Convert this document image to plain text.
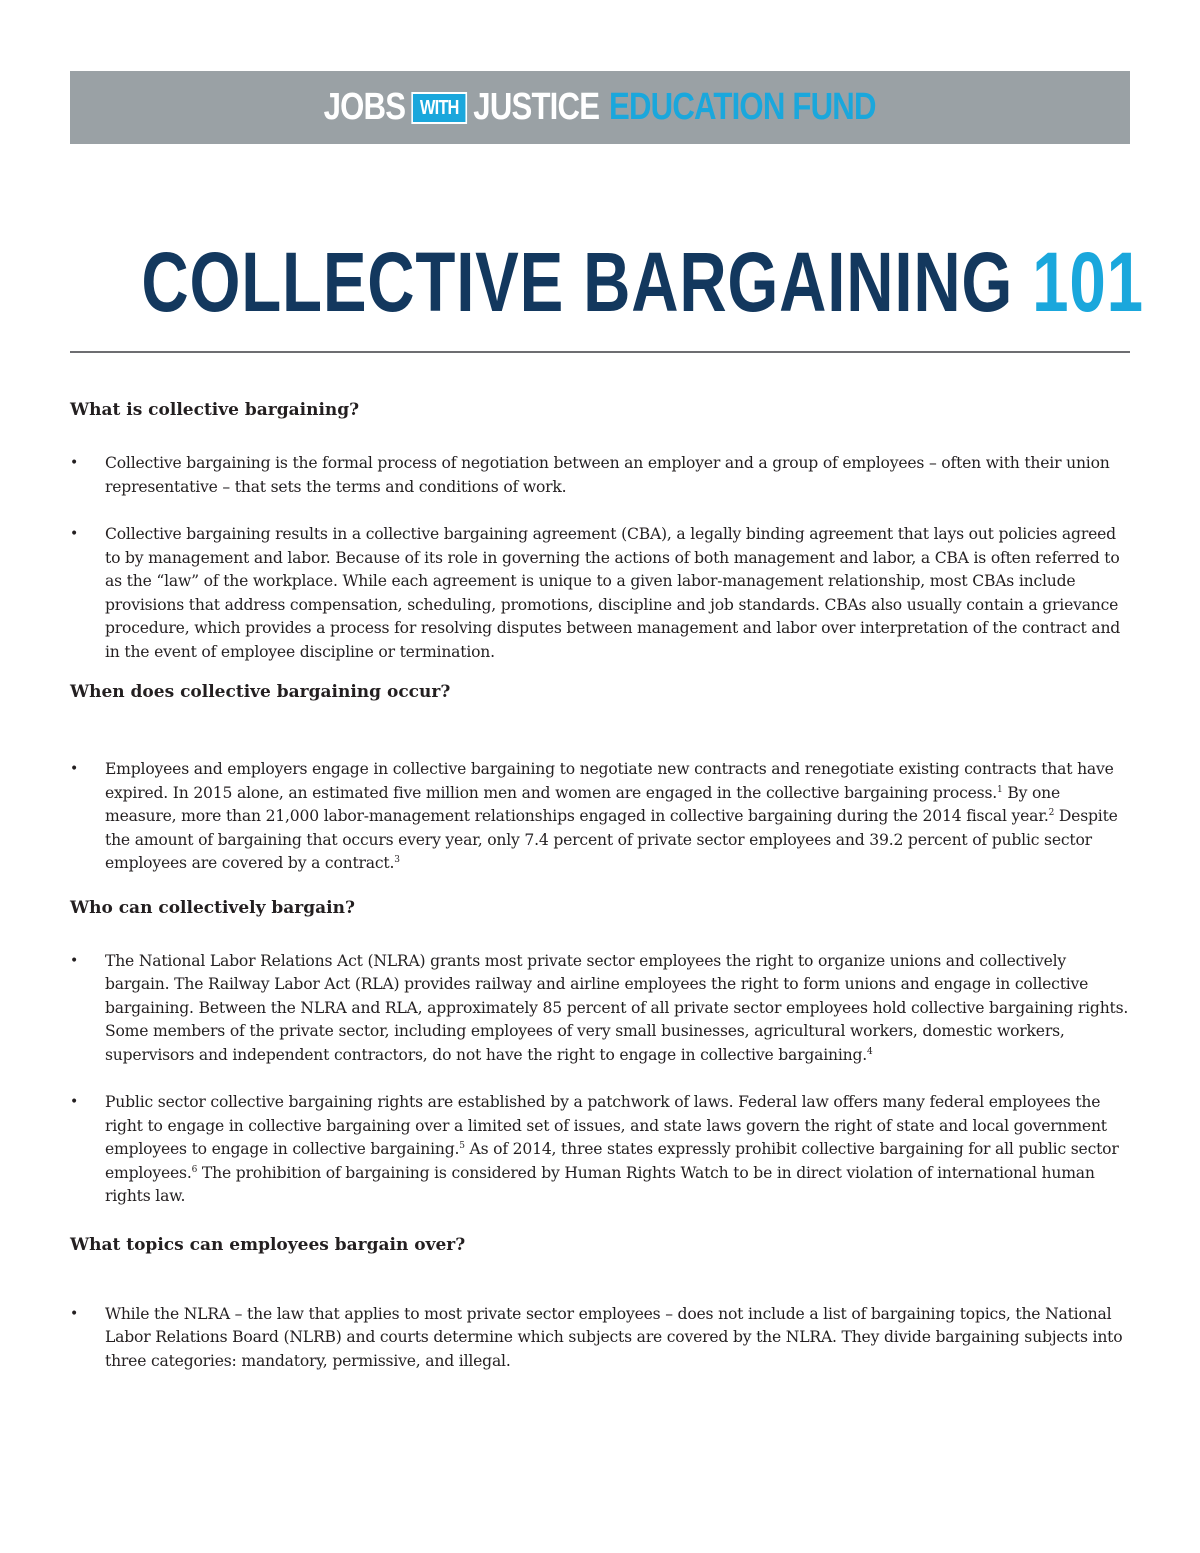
JOBS WITH JUSTICE EDUCATION FUND
COLLECTIVE BARGAINING 101
What is collective bargaining?
• Collective bargaining is the formal process of negotiation between an employer and a group of employees – often with their union representative – that sets the terms and conditions of work.
• Collective bargaining results in a collective bargaining agreement (CBA), a legally binding agreement that lays out policies agreed to by management and labor. Because of its role in governing the actions of both management and labor, a CBA is often referred to as the “law” of the workplace. While each agreement is unique to a given labor-management relationship, most CBAs include provisions that address compensation, scheduling, promotions, discipline and job standards. CBAs also usually contain a grievance procedure, which provides a process for resolving disputes between management and labor over interpretation of the contract and in the event of employee discipline or termination.
When does collective bargaining occur?
• Employees and employers engage in collective bargaining to negotiate new contracts and renegotiate existing contracts that have expired. In 2015 alone, an estimated five million men and women are engaged in the collective bargaining process.$^1$ By one measure, more than 21,000 labor-management relationships engaged in collective bargaining during the 2014 fiscal year.$^2$ Despite the amount of bargaining that occurs every year, only 7.4 percent of private sector employees and 39.2 percent of public sector employees are covered by a contract.$^3$
Who can collectively bargain?
• The National Labor Relations Act (NLRA) grants most private sector employees the right to organize unions and collectively bargain. The Railway Labor Act (RLA) provides railway and airline employees the right to form unions and engage in collective bargaining. Between the NLRA and RLA, approximately 85 percent of all private sector employees hold collective bargaining rights. Some members of the private sector, including employees of very small businesses, agricultural workers, domestic workers, supervisors and independent contractors, do not have the right to engage in collective bargaining.$^4$
• Public sector collective bargaining rights are established by a patchwork of laws. Federal law offers many federal employees the right to engage in collective bargaining over a limited set of issues, and state laws govern the right of state and local government employees to engage in collective bargaining.$^5$ As of 2014, three states expressly prohibit collective bargaining for all public sector employees.$^6$ The prohibition of bargaining is considered by Human Rights Watch to be in direct violation of international human rights law.
What topics can employees bargain over?
• While the NLRA – the law that applies to most private sector employees – does not include a list of bargaining topics, the National Labor Relations Board (NLRB) and courts determine which subjects are covered by the NLRA. They divide bargaining subjects into three categories: mandatory, permissive, and illegal.
